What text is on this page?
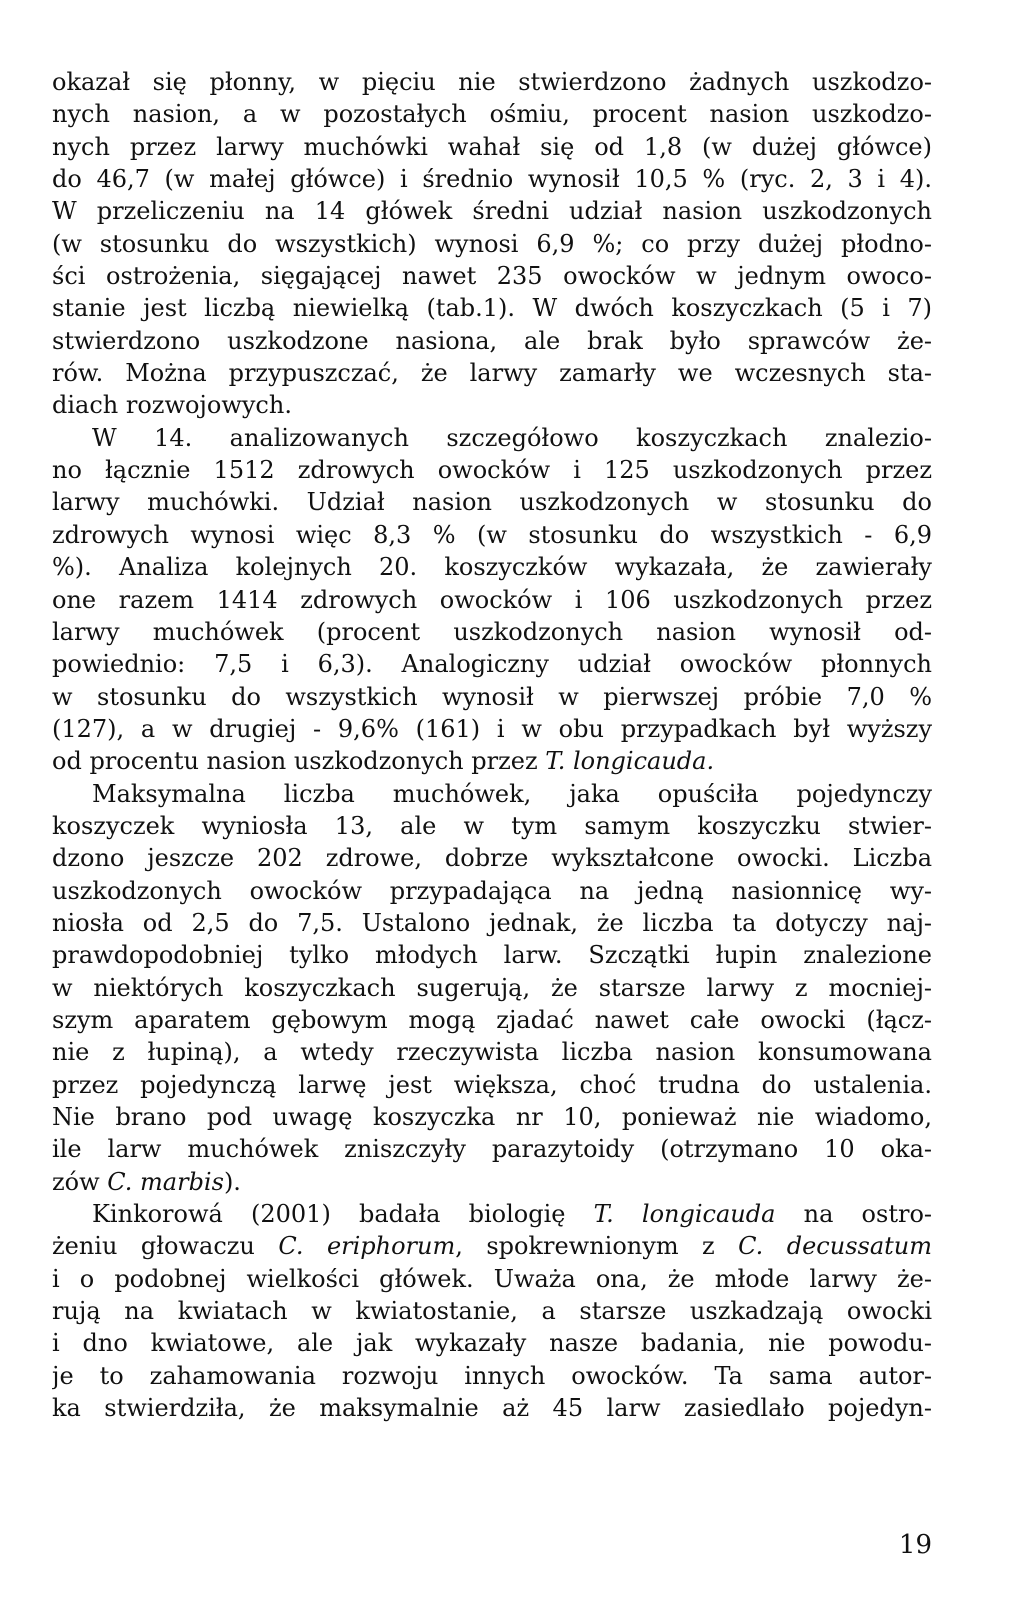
okazał się płonny, w pięciu nie stwierdzono żadnych uszkodzo-
nych nasion, a w pozostałych ośmiu, procent nasion uszkodzo-
nych przez larwy muchówki wahał się od 1,8 (w dużej główce)
do 46,7 (w małej główce) i średnio wynosił 10,5 % (ryc. 2, 3 i 4).
W przeliczeniu na 14 główek średni udział nasion uszkodzonych
(w stosunku do wszystkich) wynosi 6,9 %; co przy dużej płodno-
ści ostrożenia, sięgającej nawet 235 owocków w jednym owoco-
stanie jest liczbą niewielką (tab.1). W dwóch koszyczkach (5 i 7)
stwierdzono uszkodzone nasiona, ale brak było sprawców że-
rów. Można przypuszczać, że larwy zamarły we wczesnych sta-
diach rozwojowych.
W 14. analizowanych szczegółowo koszyczkach znalezio-
no łącznie 1512 zdrowych owocków i 125 uszkodzonych przez
larwy muchówki. Udział nasion uszkodzonych w stosunku do
zdrowych wynosi więc 8,3 % (w stosunku do wszystkich - 6,9
%). Analiza kolejnych 20. koszyczków wykazała, że zawierały
one razem 1414 zdrowych owocków i 106 uszkodzonych przez
larwy muchówek (procent uszkodzonych nasion wynosił od-
powiednio: 7,5 i 6,3). Analogiczny udział owocków płonnych
w stosunku do wszystkich wynosił w pierwszej próbie 7,0 %
(127), a w drugiej - 9,6% (161) i w obu przypadkach był wyższy
od procentu nasion uszkodzonych przez T. longicauda.
Maksymalna liczba muchówek, jaka opuściła pojedynczy
koszyczek wyniosła 13, ale w tym samym koszyczku stwier-
dzono jeszcze 202 zdrowe, dobrze wykształcone owocki. Liczba
uszkodzonych owocków przypadająca na jedną nasionnicę wy-
niosła od 2,5 do 7,5. Ustalono jednak, że liczba ta dotyczy naj-
prawdopodobniej tylko młodych larw. Szczątki łupin znalezione
w niektórych koszyczkach sugerują, że starsze larwy z mocniej-
szym aparatem gębowym mogą zjadać nawet całe owocki (łącz-
nie z łupiną), a wtedy rzeczywista liczba nasion konsumowana
przez pojedynczą larwę jest większa, choć trudna do ustalenia.
Nie brano pod uwagę koszyczka nr 10, ponieważ nie wiadomo,
ile larw muchówek zniszczyły parazytoidy (otrzymano 10 oka-
zów C. marbis).
Kinkorowá (2001) badała biologię T. longicauda na ostro-
żeniu głowaczu C. eriphorum, spokrewnionym z C. decussatum
i o podobnej wielkości główek. Uważa ona, że młode larwy że-
rują na kwiatach w kwiatostanie, a starsze uszkadzają owocki
i dno kwiatowe, ale jak wykazały nasze badania, nie powodu-
je to zahamowania rozwoju innych owocków. Ta sama autor-
ka stwierdziła, że maksymalnie aż 45 larw zasiedlało pojedyn-
19
